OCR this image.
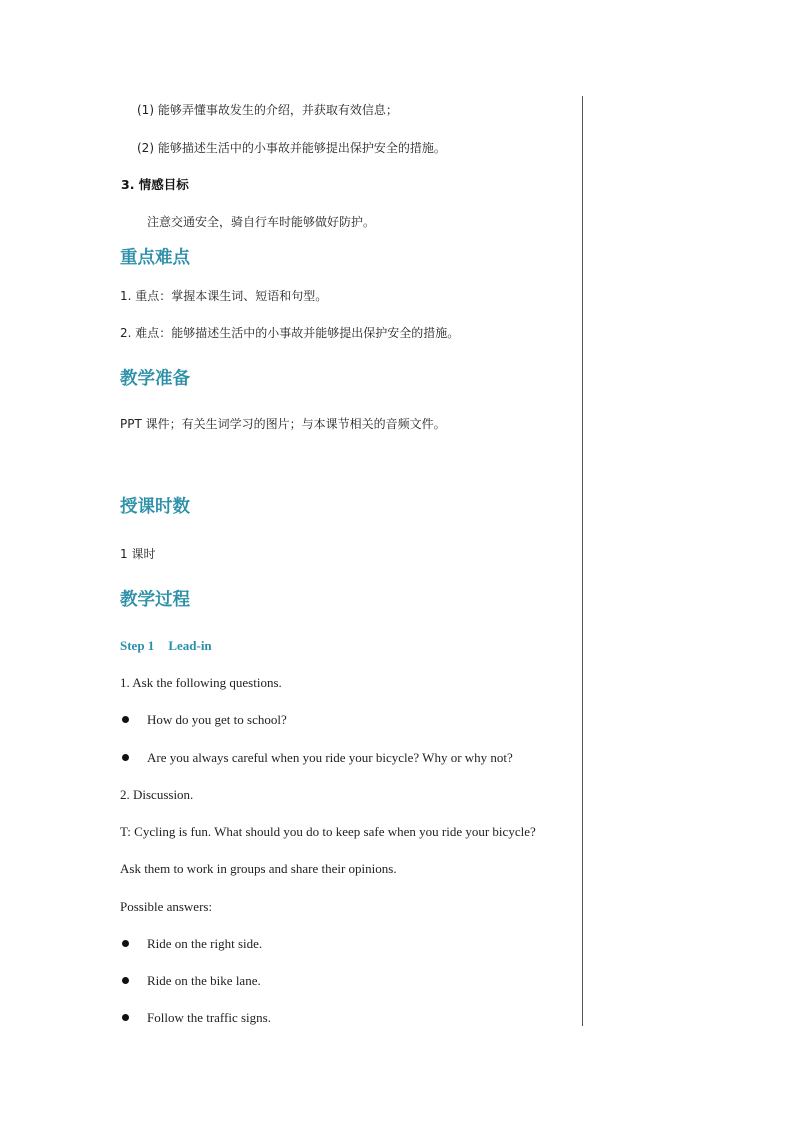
(1) 能够弄懂事故发生的介绍，并获取有效信息；
(2) 能够描述生活中的小事故并能够提出保护安全的措施。
3. 情感目标
注意交通安全，骑自行车时能够做好防护。
重点难点
1. 重点：掌握本课生词、短语和句型。
2. 难点：能够描述生活中的小事故并能够提出保护安全的措施。
教学准备
PPT 课件；有关生词学习的图片；与本课节相关的音频文件。
授课时数
1 课时
教学过程
Step 1 Lead-in
1. Ask the following questions.
How do you get to school?
Are you always careful when you ride your bicycle? Why or why not?
2. Discussion.
T: Cycling is fun. What should you do to keep safe when you ride your bicycle?
Ask them to work in groups and share their opinions.
Possible answers:
Ride on the right side.
Ride on the bike lane.
Follow the traffic signs.
